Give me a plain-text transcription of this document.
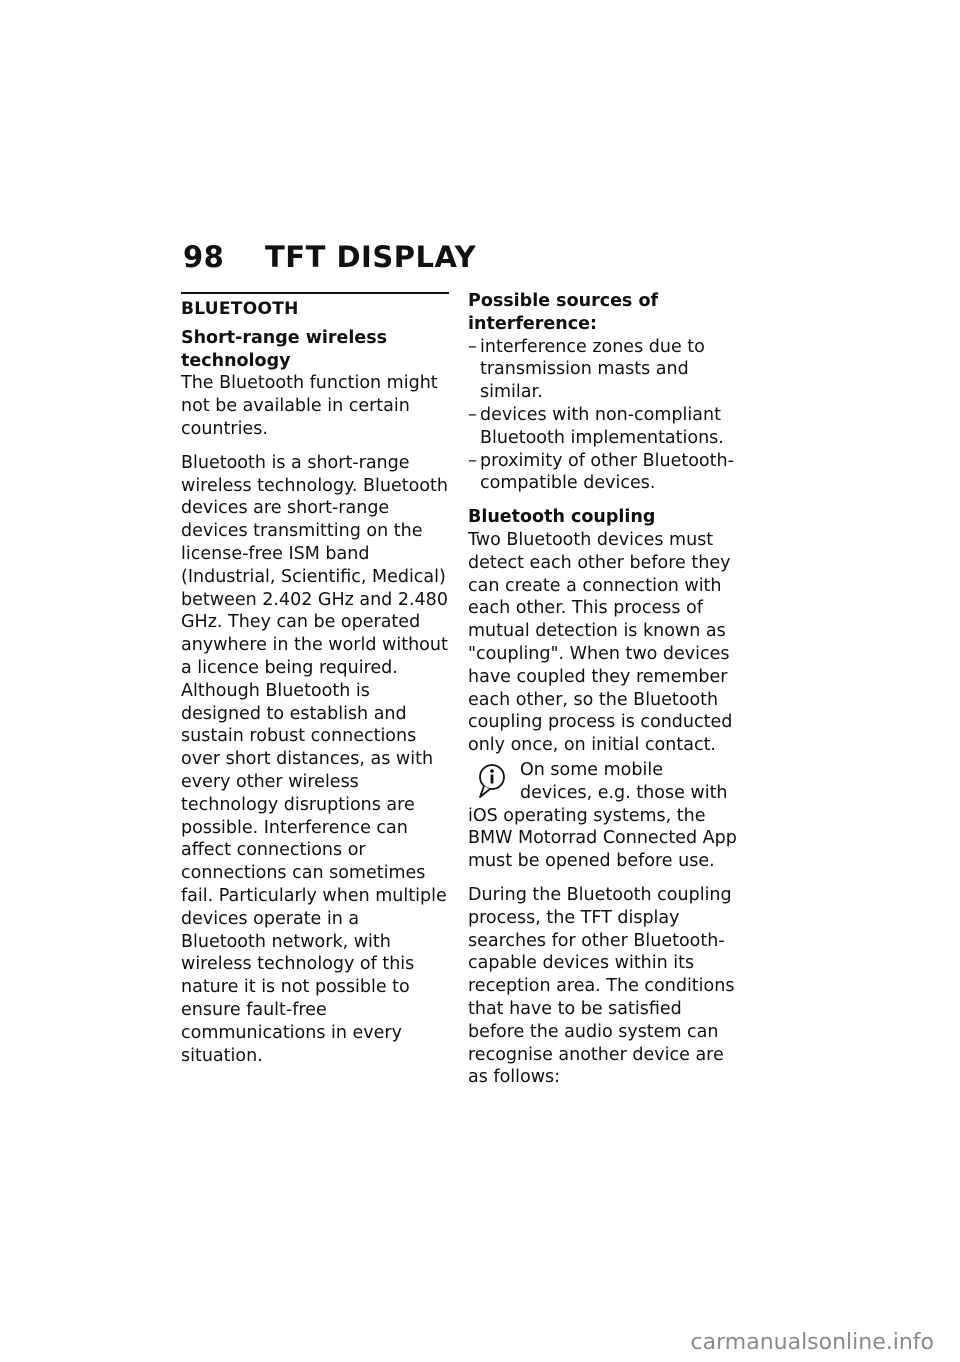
98 TFT DISPLAY
BLUETOOTH

Short-range wireless technology

The Bluetooth function might not be available in certain countries.

Bluetooth is a short-range wireless technology. Bluetooth devices are short-range devices transmitting on the license-free ISM band (Industrial, Scientific, Medical) between 2.402 GHz and 2.480 GHz. They can be operated anywhere in the world without a licence being required.

Although Bluetooth is designed to establish and sustain robust connections over short distances, as with every other wireless technology disruptions are possible. Interference can affect connections or connections can sometimes fail. Particularly when multiple devices operate in a Bluetooth network, with wireless technology of this nature it is not possible to ensure fault-free communications in every situation.

Possible sources of interference:

– interference zones due to transmission masts and similar.
– devices with non-compliant Bluetooth implementations.
– proximity of other Bluetooth-compatible devices.

Bluetooth coupling

Two Bluetooth devices must detect each other before they can create a connection with each other. This process of mutual detection is known as "coupling". When two devices have coupled they remember each other, so the Bluetooth coupling process is conducted only once, on initial contact.

On some mobile devices, e.g. those with iOS operating systems, the BMW Motorrad Connected App must be opened before use.

During the Bluetooth coupling process, the TFT display searches for other Bluetooth-capable devices within its reception area. The conditions that have to be satisfied before the audio system can recognise another device are as follows:

carmanualsonline.info
